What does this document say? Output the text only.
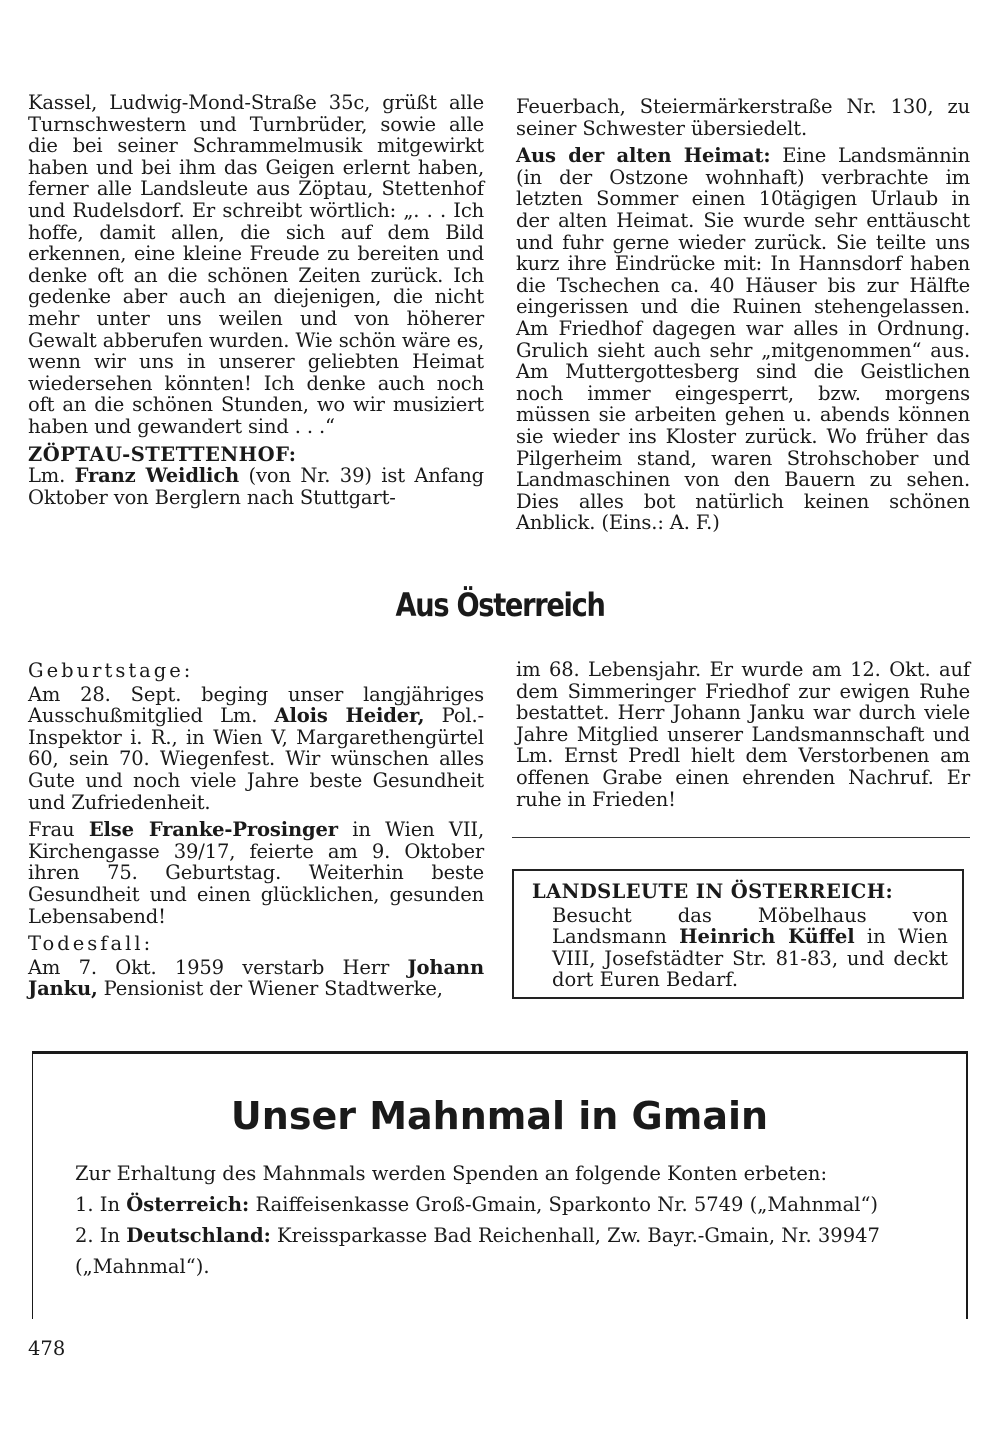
Kassel, Ludwig-Mond-Straße 35c, grüßt alle Turnschwestern und Turnbrüder, sowie alle die bei seiner Schrammelmusik mitgewirkt haben und bei ihm das Geigen erlernt haben, ferner alle Landsleute aus Zöptau, Stettenhof und Rudelsdorf. Er schreibt wörtlich: „. . . Ich hoffe, damit allen, die sich auf dem Bild erkennen, eine kleine Freude zu bereiten und denke oft an die schönen Zeiten zurück. Ich gedenke aber auch an diejenigen, die nicht mehr unter uns weilen und von höherer Gewalt abberufen wurden. Wie schön wäre es, wenn wir uns in unserer geliebten Heimat wiedersehen könnten! Ich denke auch noch oft an die schönen Stunden, wo wir musiziert haben und gewandert sind . . .“

ZÖPTAU-STETTENHOF:

Lm. Franz Weidlich (von Nr. 39) ist Anfang Oktober von Berglern nach Stuttgart-

Feuerbach, Steiermärkerstraße Nr. 130, zu seiner Schwester übersiedelt.

Aus der alten Heimat: Eine Landsmännin (in der Ostzone wohnhaft) verbrachte im letzten Sommer einen 10tägigen Urlaub in der alten Heimat. Sie wurde sehr enttäuscht und fuhr gerne wieder zurück. Sie teilte uns kurz ihre Eindrücke mit: In Hannsdorf haben die Tschechen ca. 40 Häuser bis zur Hälfte eingerissen und die Ruinen stehengelassen. Am Friedhof dagegen war alles in Ordnung. Grulich sieht auch sehr „mitgenommen“ aus. Am Muttergottesberg sind die Geistlichen noch immer eingesperrt, bzw. morgens müssen sie arbeiten gehen u. abends können sie wieder ins Kloster zurück. Wo früher das Pilgerheim stand, waren Strohschober und Landmaschinen von den Bauern zu sehen. Dies alles bot natürlich keinen schönen Anblick. (Eins.: A. F.)

Aus Österreich
Geburtstage:

Am 28. Sept. beging unser langjähriges Ausschußmitglied Lm. Alois Heider, Pol.-Inspektor i. R., in Wien V, Margarethengürtel 60, sein 70. Wiegenfest. Wir wünschen alles Gute und noch viele Jahre beste Gesundheit und Zufriedenheit.

Frau Else Franke-Prosinger in Wien VII, Kirchengasse 39/17, feierte am 9. Oktober ihren 75. Geburtstag. Weiterhin beste Gesundheit und einen glücklichen, gesunden Lebensabend!

Todesfall:

Am 7. Okt. 1959 verstarb Herr Johann Janku, Pensionist der Wiener Stadtwerke,

im 68. Lebensjahr. Er wurde am 12. Okt. auf dem Simmeringer Friedhof zur ewigen Ruhe bestattet. Herr Johann Janku war durch viele Jahre Mitglied unserer Landsmannschaft und Lm. Ernst Predl hielt dem Verstorbenen am offenen Grabe einen ehrenden Nachruf. Er ruhe in Frieden!

LANDSLEUTE IN ÖSTERREICH:
Besucht das Möbelhaus von Landsmann Heinrich Küffel in Wien VIII, Josefstädter Str. 81-83, und deckt dort Euren Bedarf.
Unser Mahnmal in Gmain
Zur Erhaltung des Mahnmals werden Spenden an folgende Konten erbeten:
1. In Österreich: Raiffeisenkasse Groß-Gmain, Sparkonto Nr. 5749 („Mahnmal“)
2. In Deutschland: Kreissparkasse Bad Reichenhall, Zw. Bayr.-Gmain, Nr. 39947
(„Mahnmal“).
478
